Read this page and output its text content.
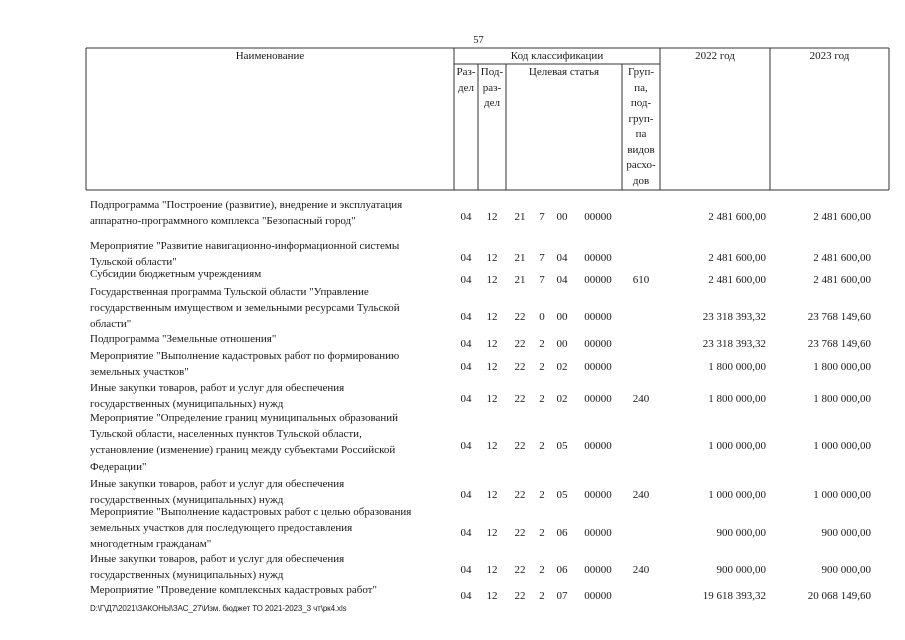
57
Наименование	Код классификации	2022 год	2023 год
Раз-
дел
Под-
раз-
дел
Целевая статья	Груп-
па,
под-
груп-
па
видов
расхо-
дов
Подпрограмма "Построение (развитие), внедрение и эксплуатация
аппаратно-программного комплекса "Безопасный город"	04	12	21	7	00	00000	2 481 600,00	2 481 600,00
Мероприятие "Развитие навигационно-информационной системы
Тульской области"	04	12	21	7	04	00000	2 481 600,00	2 481 600,00
Субсидии бюджетным учреждениям	04	12	21	7	04	00000	610	2 481 600,00	2 481 600,00
Государственная программа Тульской области "Управление
государственным имуществом и земельными ресурсами Тульской
области"
04	12	22	0	00	00000	23 318 393,32	23 768 149,60
Подпрограмма "Земельные отношения"	04	12	22	2	00	00000	23 318 393,32	23 768 149,60
Мероприятие "Выполнение кадастровых работ по формированию
земельных участков"	04	12	22	2	02	00000	1 800 000,00	1 800 000,00
Иные закупки товаров, работ и услуг для обеспечения
государственных (муниципальных) нужд	04	12	22	2	02	00000	240	1 800 000,00	1 800 000,00
Мероприятие "Определение границ муниципальных образований
Тульской области, населенных пунктов Тульской области,
установление (изменение) границ между субъектами Российской
Федерации"
04	12	22	2	05	00000	1 000 000,00	1 000 000,00
Иные закупки товаров, работ и услуг для обеспечения
государственных (муниципальных) нужд	04	12	22	2	05	00000	240	1 000 000,00	1 000 000,00
Мероприятие "Выполнение кадастровых работ с целью образования
земельных участков для последующего предоставления
многодетным гражданам"
04	12	22	2	06	00000	900 000,00	900 000,00
Иные закупки товаров, работ и услуг для обеспечения
государственных (муниципальных) нужд	04	12	22	2	06	00000	240	900 000,00	900 000,00
Мероприятие "Проведение комплексных кадастровых работ"	04	12	22	2	07	00000	19 618 393,32	20 068 149,60
D:\Г\Д7\2021\ЗАКОНЫ\ЗАС_27\Изм. бюджет ТО 2021-2023_3 чт\рк4.xls
